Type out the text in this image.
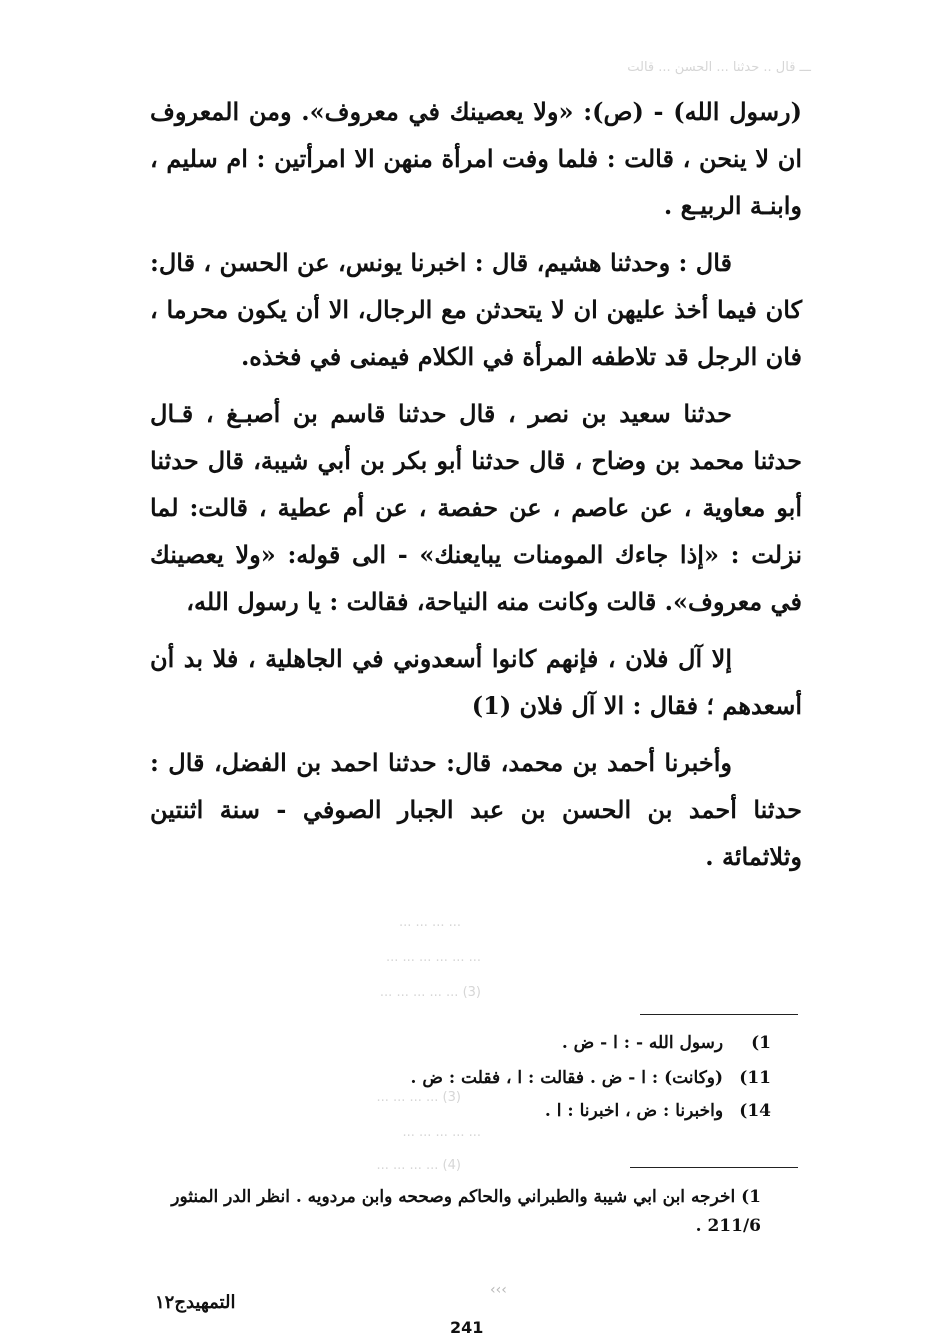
ـــ قال .. حدثنا ... الحسن ... قالت

(رسول الله) - (ص): «ولا يعصينك في معروف». ومن المعروف ان لا ينحن ، قالت : فلما وفت امرأة منهن الا امرأتين : ام سليم ، وابنـة الربيـع .

قال : وحدثنا هشيم، قال : اخبرنا يونس، عن الحسن ، قال: كان فيما أخذ عليهن ان لا يتحدثن مع الرجال، الا أن يكون محرما ، فان الرجل قد تلاطفه المرأة في الكلام فيمنى في فخذه.

حدثنا سعيد بن نصر ، قال حدثنا قاسم بن أصبـغ ، قـال حدثنا محمد بن وضاح ، قال حدثنا أبو بكر بن أبي شيبة، قال حدثنا أبو معاوية ، عن عاصم ، عن حفصة ، عن أم عطية ، قالت: لما نزلت : «إذا جاءك المومنات يبايعنك» - الى قوله: «ولا يعصينك في معروف». قالت وكانت منه النياحة، فقالت : يا رسول الله،

إلا آل فلان ، فإنهم كانوا أسعدوني في الجاهلية ، فلا بد أن أسعدهم ؛ فقال : الا آل فلان (1)

وأخبرنا أحمد بن محمد، قال: حدثنا احمد بن الفضل، قال : حدثنا أحمد بن الحسن بن عبد الجبار الصوفي - سنة اثنتين وثلاثمائة .

... ... ... ...
... ... ... ... ... ...
(3) ... ... ... ... ...
1) رسول الله - : ا - ض .
11) (وكانت) : ا - ض . فقالت : ا ، فقلت : ض .
14) واخبرنا : ض ، اخبرنا : ا .
(3) ... ... ... ...
... ... ... ... ...
(4) ... ... ... ...
1) اخرجه ابن ابي شيبة والطبراني والحاكم وصححه وابن مردويه . انظر الدر المنثور 211/6 .
‹‹‹
التمهيدج١٢
241
